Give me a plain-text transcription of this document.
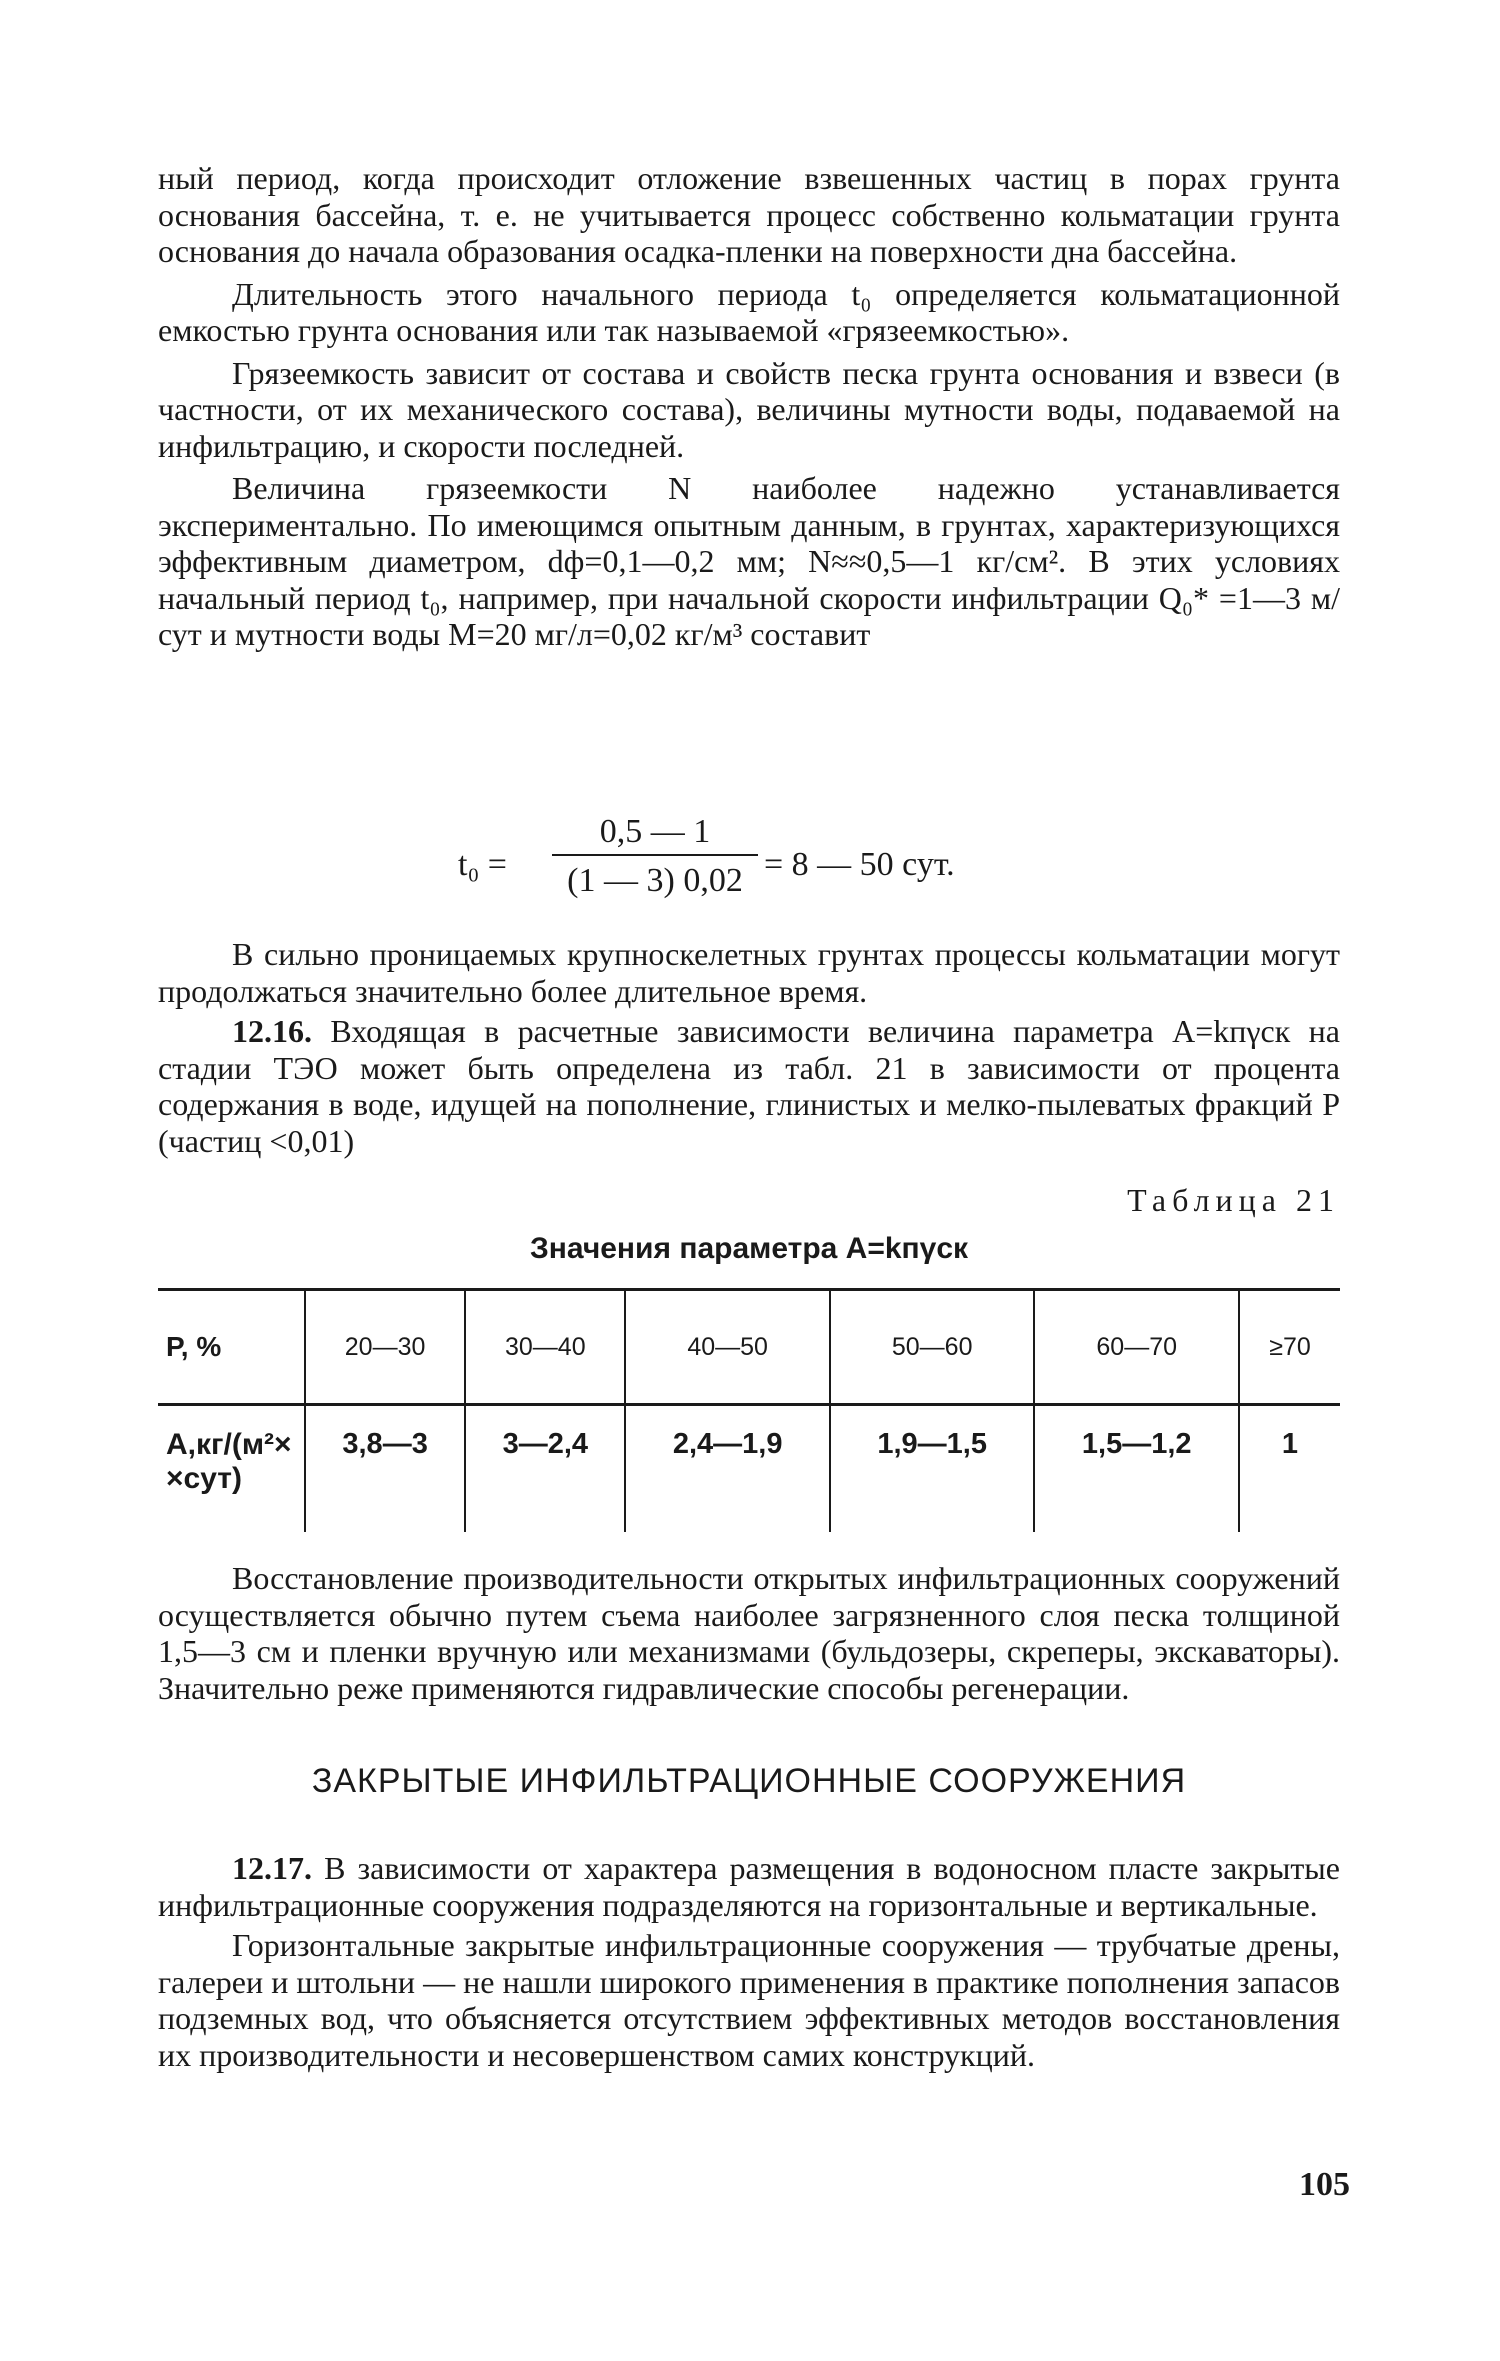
ный период, когда происходит отложение взвешенных частиц в порах грунта основания бассейна, т. е. не учитывается процесс собственно кольматации грунта основания до начала образования осадка-пленки на поверхности дна бассейна.

Длительность этого начального периода t₀ определяется кольматационной емкостью грунта основания или так называемой «грязеемкостью».

Грязеемкость зависит от состава и свойств песка грунта основания и взвеси (в частности, от их механического состава), величины мутности воды, подаваемой на инфильтрацию, и скорости последней.

Величина грязеемкости N наиболее надежно устанавливается экспериментально. По имеющимся опытным данным, в грунтах, характеризующихся эффективным диаметром, dф=0,1—0,2 мм; N≈≈0,5—1 кг/см². В этих условиях начальный период t₀, например, при начальной скорости инфильтрации Q₀* =1—3 м/сут и мутности воды М=20 мг/л=0,02 кг/м³ составит

t₀ =
0,5 — 1
(1 — 3) 0,02 = 8 — 50 сут.

В сильно проницаемых крупноскелетных грунтах процессы кольматации могут продолжаться значительно более длительное время.

12.16. Входящая в расчетные зависимости величина параметра А=kпγск на стадии ТЭО может быть определена из табл. 21 в зависимости от процента содержания в воде, идущей на пополнение, глинистых и мелко-пылеватых фракций Р (частиц <0,01)

Таблица 21
Значения параметра А=kпγск
Р, %	20—30	30—40	40—50	50—60	60—70	≥70
А,кг/(м²×
×сут)	3,8—3	3—2,4	2,4—1,9	1,9—1,5	1,5—1,2	1

Восстановление производительности открытых инфильтрационных сооружений осуществляется обычно путем съема наиболее загрязненного слоя песка толщиной 1,5—3 см и пленки вручную или механизмами (бульдозеры, скреперы, экскаваторы). Значительно реже применяются гидравлические способы регенерации.

ЗАКРЫТЫЕ ИНФИЛЬТРАЦИОННЫЕ СООРУЖЕНИЯ

12.17. В зависимости от характера размещения в водоносном пласте закрытые инфильтрационные сооружения подразделяются на горизонтальные и вертикальные.

Горизонтальные закрытые инфильтрационные сооружения — трубчатые дрены, галереи и штольни — не нашли широкого применения в практике пополнения запасов подземных вод, что объясняется отсутствием эффективных методов восстановления их производительности и несовершенством самих конструкций.

105
